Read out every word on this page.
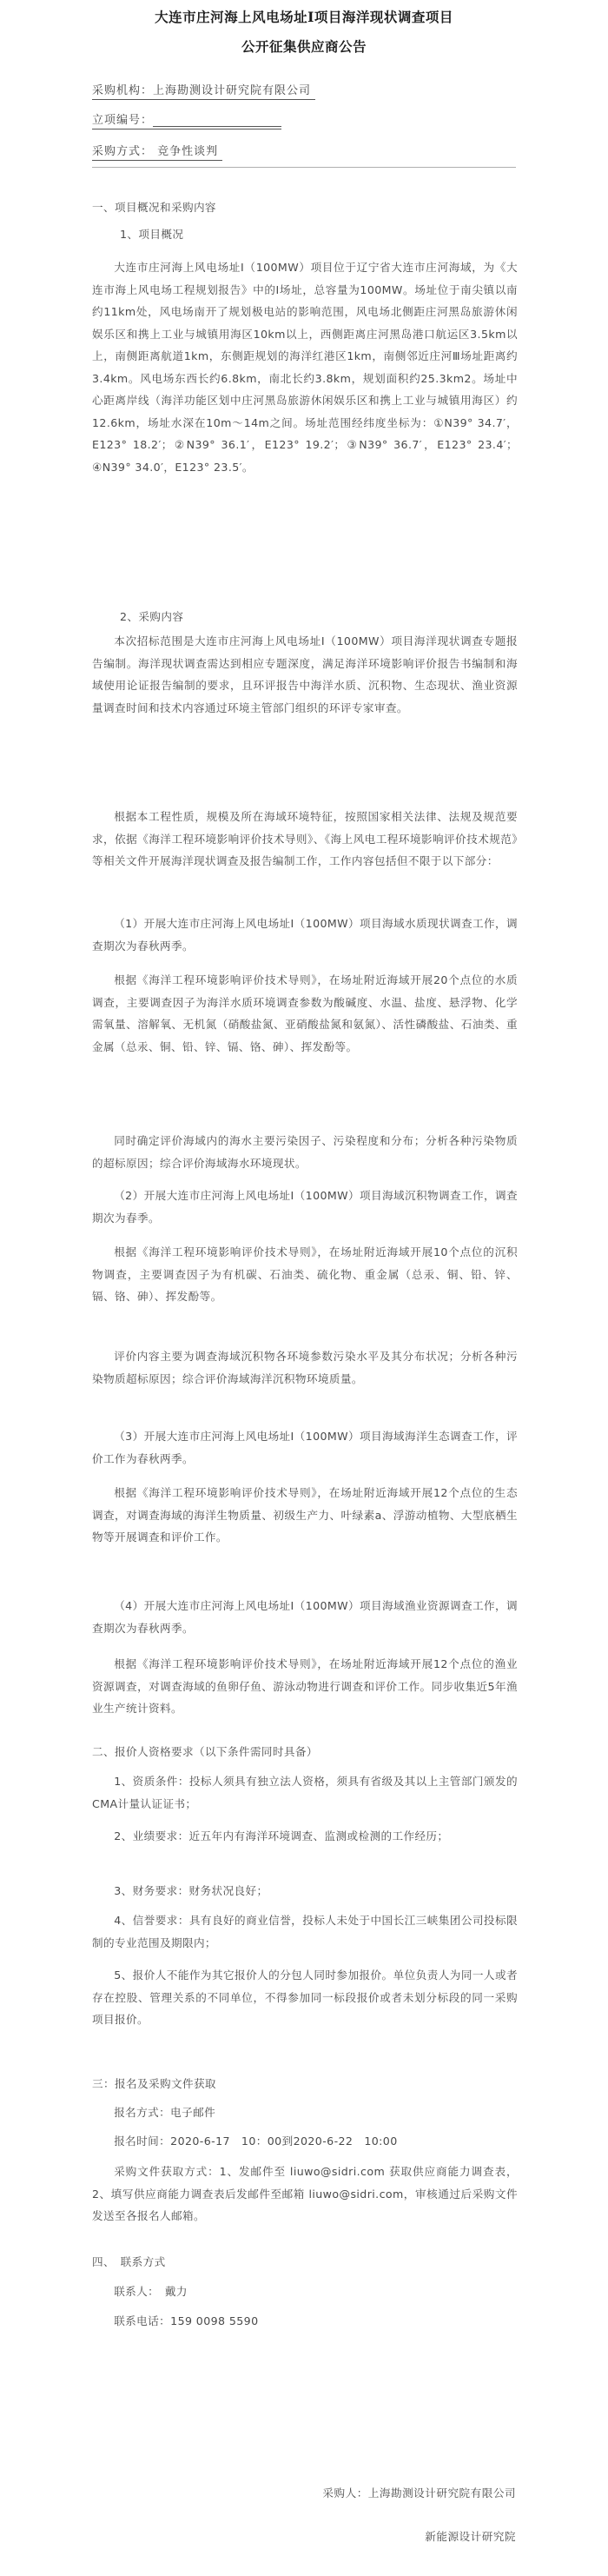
大连市庄河海上风电场址Ⅰ项目海洋现状调查项目
公开征集供应商公告
采购机构：上海勘测设计研究院有限公司
立项编号：
采购方式： 竞争性谈判
一、项目概况和采购内容
1、项目概况
大连市庄河海上风电场址Ⅰ（100MW）项目位于辽宁省大连市庄河海域，为《大连市海上风电场工程规划报告》中的Ⅰ场址，总容量为100MW。场址位于南尖镇以南约11km处，风电场南开了规划极电站的影响范围，风电场北侧距庄河黑岛旅游休闲娱乐区和携上工业与城镇用海区10km以上，西侧距离庄河黑岛港口航运区3.5km以上，南侧距离航道1km，东侧距规划的海洋红港区1km，南侧邻近庄河Ⅲ场址距离约3.4km。风电场东西长约6.8km，南北长约3.8km，规划面积约25.3km2。场址中心距离岸线（海洋功能区划中庄河黑岛旅游休闲娱乐区和携上工业与城镇用海区）约12.6km，场址水深在10m～14m之间。场址范围经纬度坐标为：①N39° 34.7′，E123° 18.2′；②N39° 36.1′，E123° 19.2′；③N39° 36.7′，E123° 23.4′；④N39° 34.0′，E123° 23.5′。
2、采购内容
本次招标范围是大连市庄河海上风电场址Ⅰ（100MW）项目海洋现状调查专题报告编制。海洋现状调查需达到相应专题深度，满足海洋环境影响评价报告书编制和海域使用论证报告编制的要求，且环评报告中海洋水质、沉积物、生态现状、渔业资源量调查时间和技术内容通过环境主管部门组织的环评专家审查。
根据本工程性质，规模及所在海域环境特征，按照国家相关法律、法规及规范要求，依据《海洋工程环境影响评价技术导则》、《海上风电工程环境影响评价技术规范》等相关文件开展海洋现状调查及报告编制工作，工作内容包括但不限于以下部分：
（1）开展大连市庄河海上风电场址Ⅰ（100MW）项目海域水质现状调查工作，调查期次为春秋两季。
根据《海洋工程环境影响评价技术导则》，在场址附近海域开展20个点位的水质调查，主要调查因子为海洋水质环境调查参数为酸碱度、水温、盐度、悬浮物、化学需氧量、溶解氧、无机氮（硝酸盐氮、亚硝酸盐氮和氨氮）、活性磷酸盐、石油类、重金属（总汞、铜、铅、锌、镉、铬、砷）、挥发酚等。
同时确定评价海域内的海水主要污染因子、污染程度和分布；分析各种污染物质的超标原因；综合评价海域海水环境现状。
（2）开展大连市庄河海上风电场址Ⅰ（100MW）项目海域沉积物调查工作，调查期次为春季。
根据《海洋工程环境影响评价技术导则》，在场址附近海域开展10个点位的沉积物调查，主要调查因子为有机碳、石油类、硫化物、重金属（总汞、铜、铅、锌、镉、铬、砷）、挥发酚等。
评价内容主要为调查海域沉积物各环境参数污染水平及其分布状况；分析各种污染物质超标原因；综合评价海域海洋沉积物环境质量。
（3）开展大连市庄河海上风电场址Ⅰ（100MW）项目海域海洋生态调查工作，评价工作为春秋两季。
根据《海洋工程环境影响评价技术导则》，在场址附近海域开展12个点位的生态调查，对调查海域的海洋生物质量、初级生产力、叶绿素a、浮游动植物、大型底栖生物等开展调查和评价工作。
（4）开展大连市庄河海上风电场址Ⅰ（100MW）项目海域渔业资源调查工作，调查期次为春秋两季。
根据《海洋工程环境影响评价技术导则》，在场址附近海域开展12个点位的渔业资源调查，对调查海域的鱼卵仔鱼、游泳动物进行调查和评价工作。同步收集近5年渔业生产统计资料。
二、报价人资格要求（以下条件需同时具备）
1、资质条件：投标人须具有独立法人资格，须具有省级及其以上主管部门颁发的CMA计量认证证书；
2、业绩要求：近五年内有海洋环境调查、监测或检测的工作经历；
3、财务要求：财务状况良好；
4、信誉要求：具有良好的商业信誉，投标人未处于中国长江三峡集团公司投标限制的专业范围及期限内；
5、报价人不能作为其它报价人的分包人同时参加报价。单位负责人为同一人或者存在控股、管理关系的不同单位，不得参加同一标段报价或者未划分标段的同一采购项目报价。
三：报名及采购文件获取
报名方式：电子邮件
报名时间：2020-6-17　10：00到2020-6-22　10:00
采购文件获取方式：1、发邮件至 liuwo@sidri.com 获取供应商能力调查表，2、填写供应商能力调查表后发邮件至邮箱 liuwo@sidri.com，审核通过后采购文件发送至各报名人邮箱。
四、　联系方式
联系人：　戴力
联系电话：159 0098 5590
采购人：上海勘测设计研究院有限公司
新能源设计研究院
